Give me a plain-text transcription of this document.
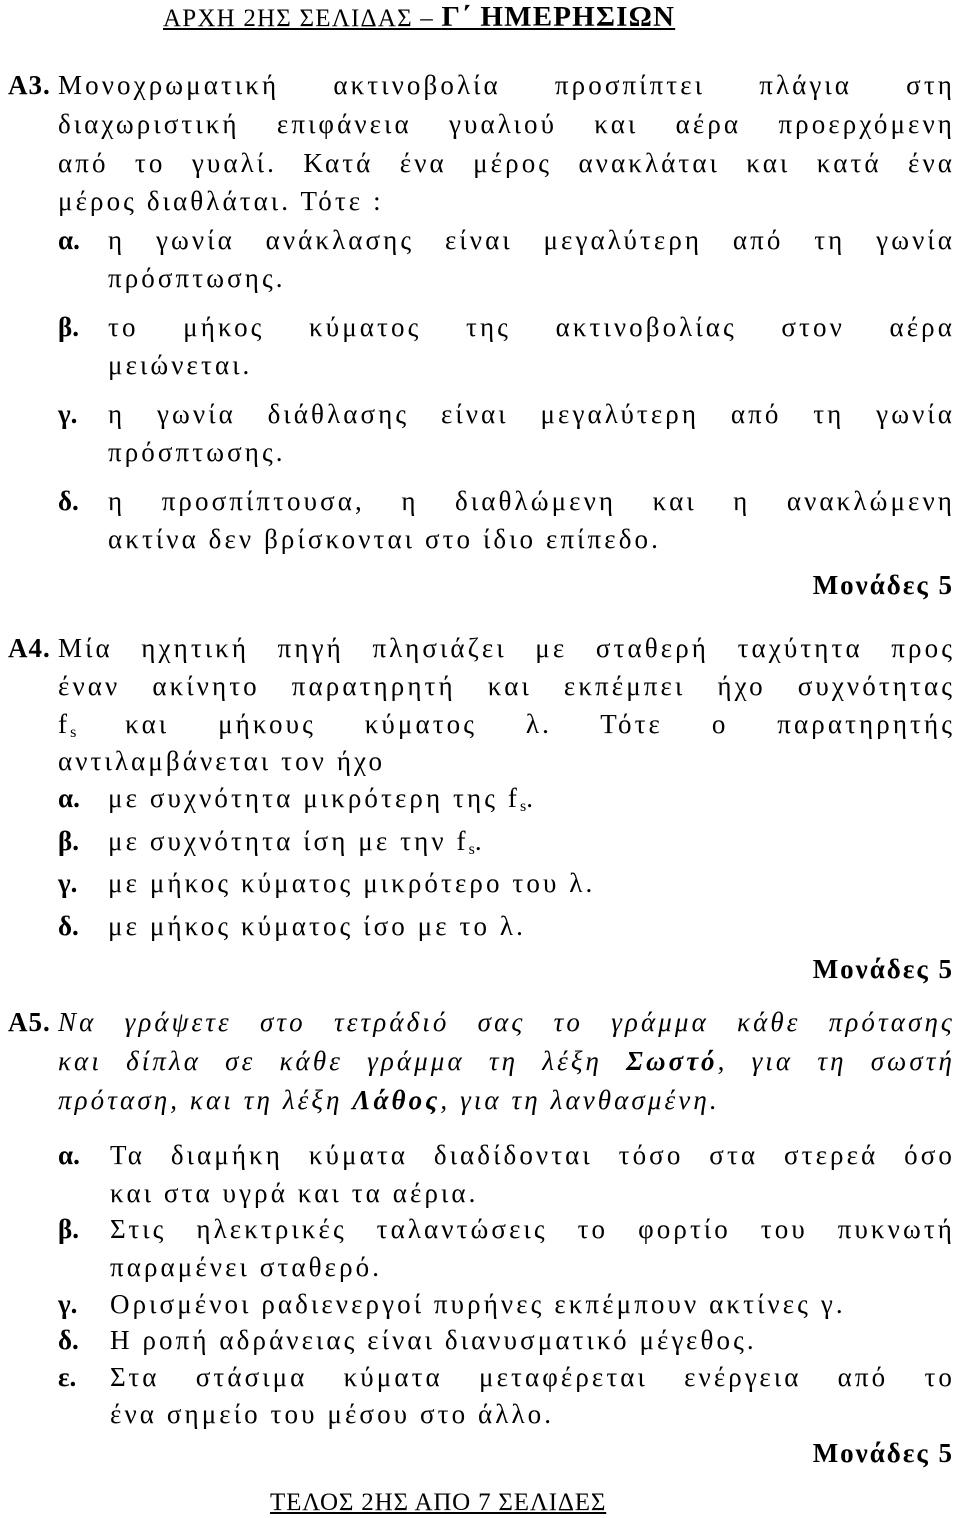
ΑΡΧΗ 2ΗΣ ΣΕΛΙΔΑΣ – Γ΄ ΗΜΕΡΗΣΙΩΝ
Α3. Μονοχρωματική ακτινοβολία προσπίπτει πλάγια στη
διαχωριστική επιφάνεια γυαλιού και αέρα προερχόμενη
από το γυαλί. Κατά ένα μέρος ανακλάται και κατά ένα
μέρος διαθλάται. Τότε :
α. η γωνία ανάκλασης είναι μεγαλύτερη από τη γωνία
πρόσπτωσης.
β. το μήκος κύματος της ακτινοβολίας στον αέρα
μειώνεται.
γ. η γωνία διάθλασης είναι μεγαλύτερη από τη γωνία
πρόσπτωσης.
δ. η προσπίπτουσα, η διαθλώμενη και η ανακλώμενη
ακτίνα δεν βρίσκονται στο ίδιο επίπεδο.
Μονάδες 5
Α4. Μία ηχητική πηγή πλησιάζει με σταθερή ταχύτητα προς
έναν ακίνητο παρατηρητή και εκπέμπει ήχο συχνότητας
$f_s$ και μήκους κύματος λ. Τότε ο παρατηρητής
αντιλαμβάνεται τον ήχο
α. με συχνότητα μικρότερη της $f_s$.
β. με συχνότητα ίση με την $f_s$.
γ. με μήκος κύματος μικρότερο του λ.
δ. με μήκος κύματος ίσο με το λ.
Μονάδες 5
Α5. Να γράψετε στο τετράδιό σας το γράμμα κάθε πρότασης
και δίπλα σε κάθε γράμμα τη λέξη Σωστό, για τη σωστή
πρόταση, και τη λέξη Λάθος, για τη λανθασμένη.
α. Τα διαμήκη κύματα διαδίδονται τόσο στα στερεά όσο
και στα υγρά και τα αέρια.
β. Στις ηλεκτρικές ταλαντώσεις το φορτίο του πυκνωτή
παραμένει σταθερό.
γ. Ορισμένοι ραδιενεργοί πυρήνες εκπέμπουν ακτίνες γ.
δ. Η ροπή αδράνειας είναι διανυσματικό μέγεθος.
ε. Στα στάσιμα κύματα μεταφέρεται ενέργεια από το
ένα σημείο του μέσου στο άλλο.
Μονάδες 5
ΤΕΛΟΣ 2ΗΣ ΑΠΟ 7 ΣΕΛΙΔΕΣ
